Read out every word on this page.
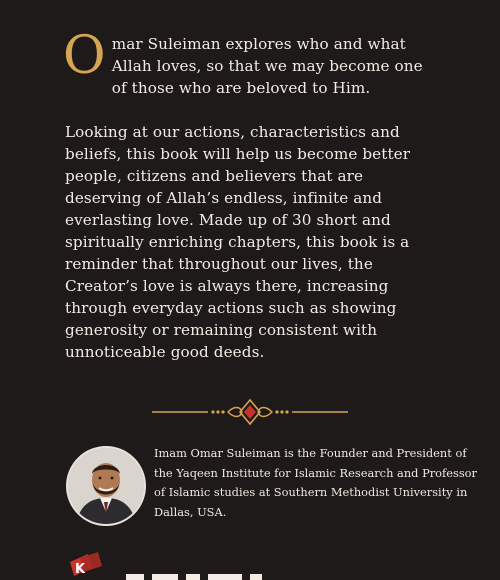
Omar Suleiman explores who and what Allah loves, so that we may become one of those who are beloved to Him.

Looking at our actions, characteristics and beliefs, this book will help us become better people, citizens and believers that are deserving of Allah’s endless, infinite and everlasting love. Made up of 30 short and spiritually enriching chapters, this book is a reminder that throughout our lives, the Creator’s love is always there, increasing through everyday actions such as showing generosity or remaining consistent with unnoticeable good deeds.

Imam Omar Suleiman is the Founder and President of the Yaqeen Institute for Islamic Research and Professor of Islamic studies at Southern Methodist University in Dallas, USA.
K
